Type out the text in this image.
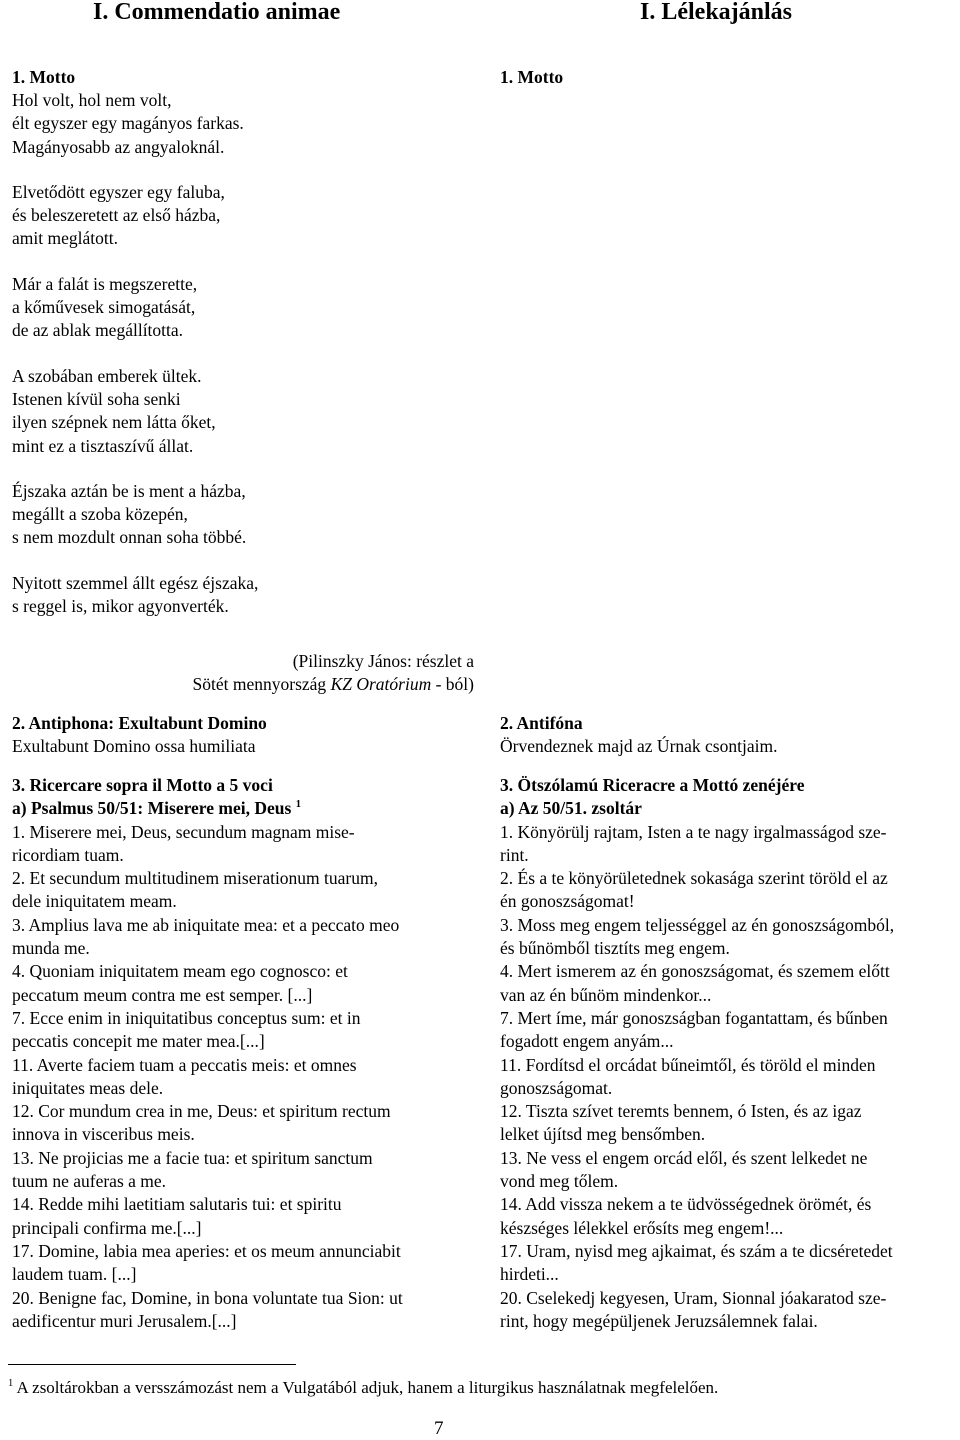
I. Commendatio animae	I. Lélekajánlás
1. Motto	1. Motto
Hol volt, hol nem volt,
élt egyszer egy magányos farkas.
Magányosabb az angyaloknál.
Elvetődött egyszer egy faluba,
és beleszeretett az első házba,
amit meglátott.
Már a falát is megszerette,
a kőművesek simogatását,
de az ablak megállította.
A szobában emberek ültek.
Istenen kívül soha senki
ilyen szépnek nem látta őket,
mint ez a tisztaszívű állat.
Éjszaka aztán be is ment a házba,
megállt a szoba közepén,
s nem mozdult onnan soha többé.
Nyitott szemmel állt egész éjszaka,
s reggel is, mikor agyonverték.
(Pilinszky János: részlet a
Sötét mennyország KZ Oratórium - ból)
2. Antiphona: Exultabunt Domino
Exultabunt Domino ossa humiliata
2. Antifóna
Örvendeznek majd az Úrnak csontjaim.
3. Ricercare sopra il Motto a 5 voci
a) Psalmus 50/51: Miserere mei, Deus $^1$
1. Miserere mei, Deus, secundum magnam mise-
ricordiam tuam.
2. Et secundum multitudinem miserationum tuarum,
dele iniquitatem meam.
3. Amplius lava me ab iniquitate mea: et a peccato meo
munda me.
4. Quoniam iniquitatem meam ego cognosco: et
peccatum meum contra me est semper. [...]
7. Ecce enim in iniquitatibus conceptus sum: et in
peccatis concepit me mater mea.[...]
11. Averte faciem tuam a peccatis meis: et omnes
iniquitates meas dele.
12. Cor mundum crea in me, Deus: et spiritum rectum
innova in visceribus meis.
13. Ne projicias me a facie tua: et spiritum sanctum
tuum ne auferas a me.
14. Redde mihi laetitiam salutaris tui: et spiritu
principali confirma me.[...]
17. Domine, labia mea aperies: et os meum annunciabit
laudem tuam. [...]
20. Benigne fac, Domine, in bona voluntate tua Sion: ut
aedificentur muri Jerusalem.[...]
3. Ötszólamú Riceracre a Mottó zenéjére
a) Az 50/51. zsoltár
1. Könyörülj rajtam, Isten a te nagy irgalmasságod sze-
rint.
2. És a te könyörületednek sokasága szerint töröld el az
én gonoszságomat!
3. Moss meg engem teljességgel az én gonoszságomból,
és bűnömből tisztíts meg engem.
4. Mert ismerem az én gonoszságomat, és szemem előtt
van az én bűnöm mindenkor...
7. Mert íme, már gonoszságban fogantattam, és bűnben
fogadott engem anyám...
11. Fordítsd el orcádat bűneimtől, és töröld el minden
gonoszságomat.
12. Tiszta szívet teremts bennem, ó Isten, és az igaz
lelket újítsd meg bensőmben.
13. Ne vess el engem orcád elől, és szent lelkedet ne
vond meg tőlem.
14. Add vissza nekem a te üdvösségednek örömét, és
készséges lélekkel erősíts meg engem!...
17. Uram, nyisd meg ajkaimat, és szám a te dicséretedet
hirdeti...
20. Cselekedj kegyesen, Uram, Sionnal jóakaratod sze-
rint, hogy megépüljenek Jeruzsálemnek falai.
$^1$ A zsoltárokban a versszámozást nem a Vulgatából adjuk, hanem a liturgikus használatnak megfelelően.
7
